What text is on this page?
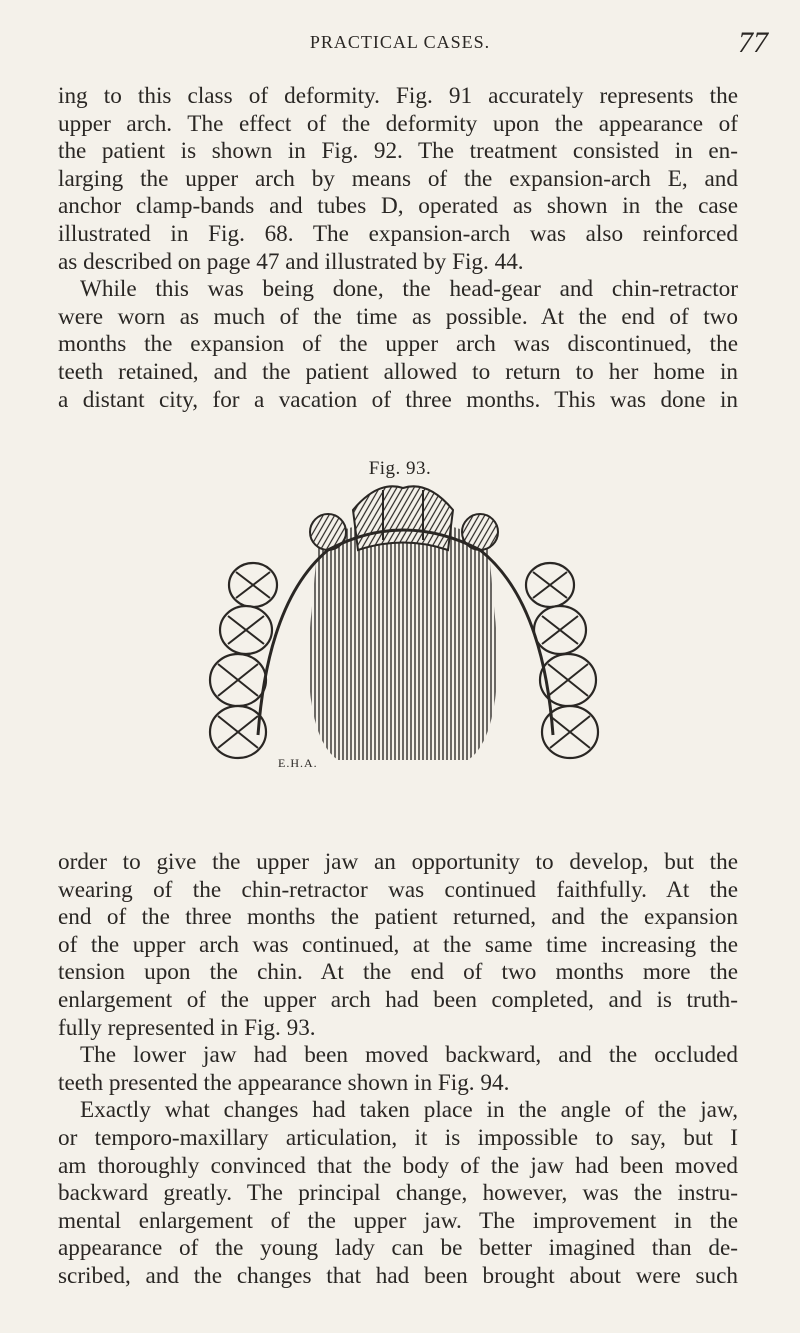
PRACTICAL CASES.	77
ing to this class of deformity. Fig. 91 accurately represents the
upper arch. The effect of the deformity upon the appearance of
the patient is shown in Fig. 92. The treatment consisted in en-
larging the upper arch by means of the expansion-arch E, and
anchor clamp-bands and tubes D, operated as shown in the case
illustrated in Fig. 68. The expansion-arch was also reinforced
as described on page 47 and illustrated by Fig. 44.
While this was being done, the head-gear and chin-retractor
were worn as much of the time as possible. At the end of two
months the expansion of the upper arch was discontinued, the
teeth retained, and the patient allowed to return to her home in
a distant city, for a vacation of three months. This was done in
Fig. 93.
E.H.A.
order to give the upper jaw an opportunity to develop, but the
wearing of the chin-retractor was continued faithfully. At the
end of the three months the patient returned, and the expansion
of the upper arch was continued, at the same time increasing the
tension upon the chin. At the end of two months more the
enlargement of the upper arch had been completed, and is truth-
fully represented in Fig. 93.
The lower jaw had been moved backward, and the occluded
teeth presented the appearance shown in Fig. 94.
Exactly what changes had taken place in the angle of the jaw,
or temporo-maxillary articulation, it is impossible to say, but I
am thoroughly convinced that the body of the jaw had been moved
backward greatly. The principal change, however, was the instru-
mental enlargement of the upper jaw. The improvement in the
appearance of the young lady can be better imagined than de-
scribed, and the changes that had been brought about were such
